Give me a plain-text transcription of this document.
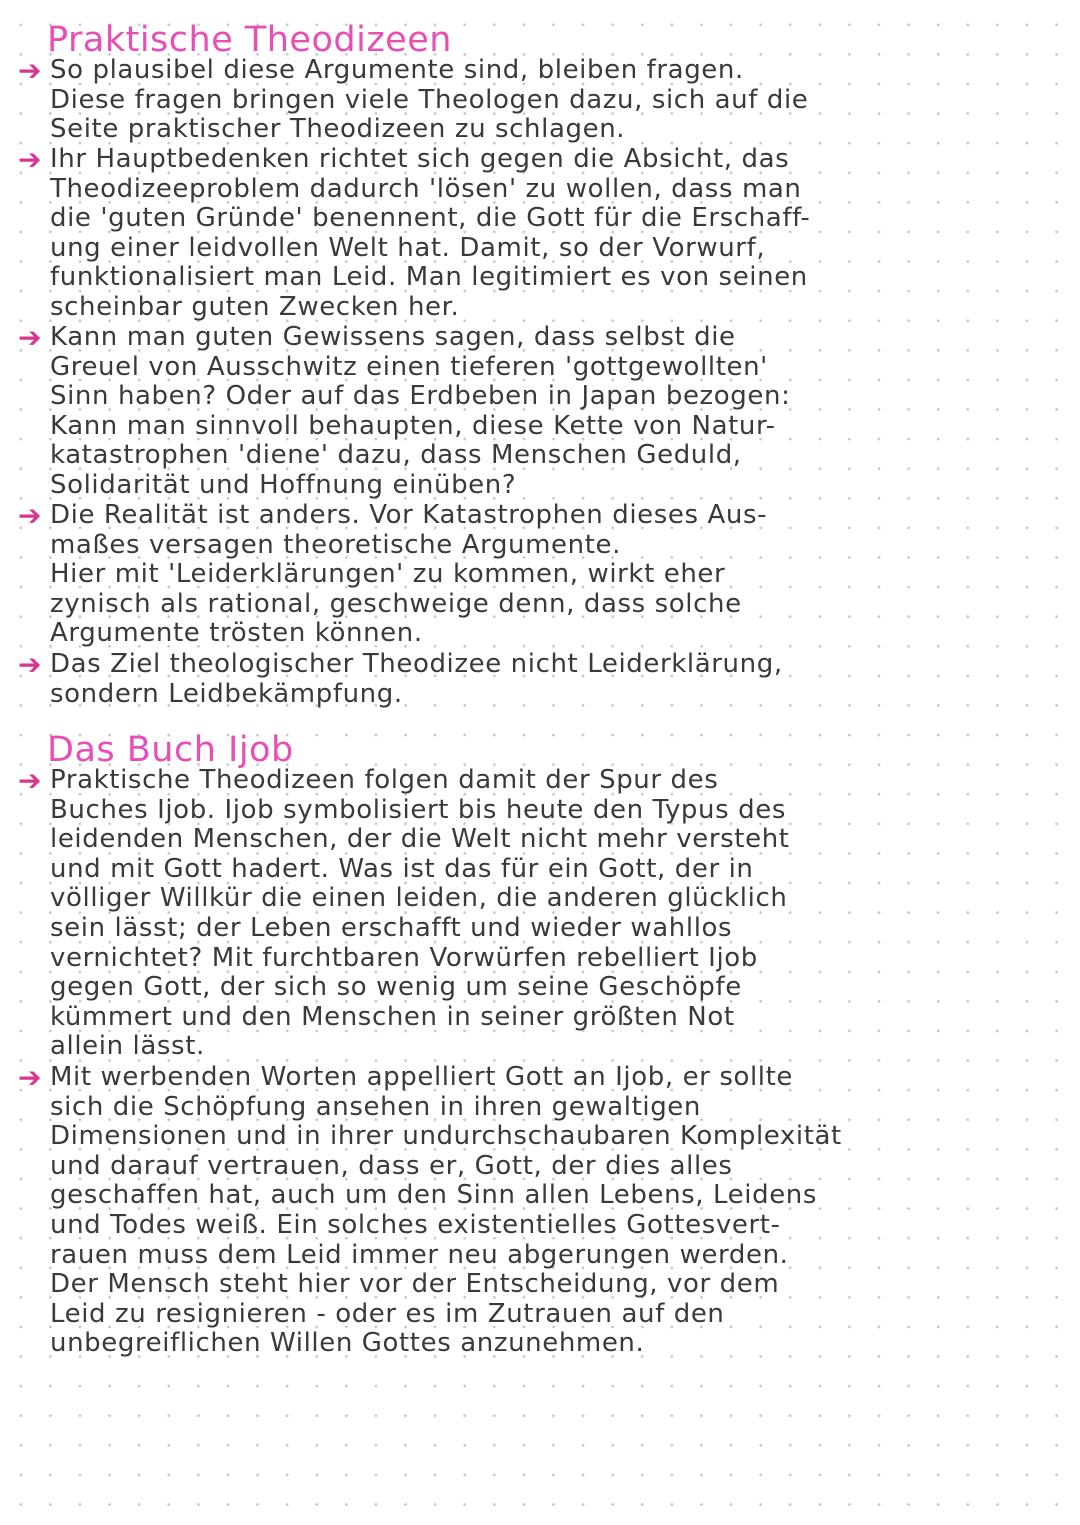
Praktische Theodizeen
➔ So plausibel diese Argumente sind, bleiben fragen.
Diese fragen bringen viele Theologen dazu, sich auf die
Seite praktischer Theodizeen zu schlagen.
➔ Ihr Hauptbedenken richtet sich gegen die Absicht, das
Theodizeeproblem dadurch 'lösen' zu wollen, dass man
die 'guten Gründe' benennent, die Gott für die Erschaff-
ung einer leidvollen Welt hat. Damit, so der Vorwurf,
funktionalisiert man Leid. Man legitimiert es von seinen
scheinbar guten Zwecken her.
➔ Kann man guten Gewissens sagen, dass selbst die
Greuel von Ausschwitz einen tieferen 'gottgewollten'
Sinn haben? Oder auf das Erdbeben in Japan bezogen:
Kann man sinnvoll behaupten, diese Kette von Natur-
katastrophen 'diene' dazu, dass Menschen Geduld,
Solidarität und Hoffnung einüben?
➔ Die Realität ist anders. Vor Katastrophen dieses Aus-
maßes versagen theoretische Argumente.
Hier mit 'Leiderklärungen' zu kommen, wirkt eher
zynisch als rational, geschweige denn, dass solche
Argumente trösten können.
➔ Das Ziel theologischer Theodizee nicht Leiderklärung,
sondern Leidbekämpfung.
Das Buch Ijob
➔ Praktische Theodizeen folgen damit der Spur des
Buches Ijob. Ijob symbolisiert bis heute den Typus des
leidenden Menschen, der die Welt nicht mehr versteht
und mit Gott hadert. Was ist das für ein Gott, der in
völliger Willkür die einen leiden, die anderen glücklich
sein lässt; der Leben erschafft und wieder wahllos
vernichtet? Mit furchtbaren Vorwürfen rebelliert Ijob
gegen Gott, der sich so wenig um seine Geschöpfe
kümmert und den Menschen in seiner größten Not
allein lässt.
➔ Mit werbenden Worten appelliert Gott an Ijob, er sollte
sich die Schöpfung ansehen in ihren gewaltigen
Dimensionen und in ihrer undurchschaubaren Komplexität
und darauf vertrauen, dass er, Gott, der dies alles
geschaffen hat, auch um den Sinn allen Lebens, Leidens
und Todes weiß. Ein solches existentielles Gottesvert-
rauen muss dem Leid immer neu abgerungen werden.
Der Mensch steht hier vor der Entscheidung, vor dem
Leid zu resignieren - oder es im Zutrauen auf den
unbegreiflichen Willen Gottes anzunehmen.
